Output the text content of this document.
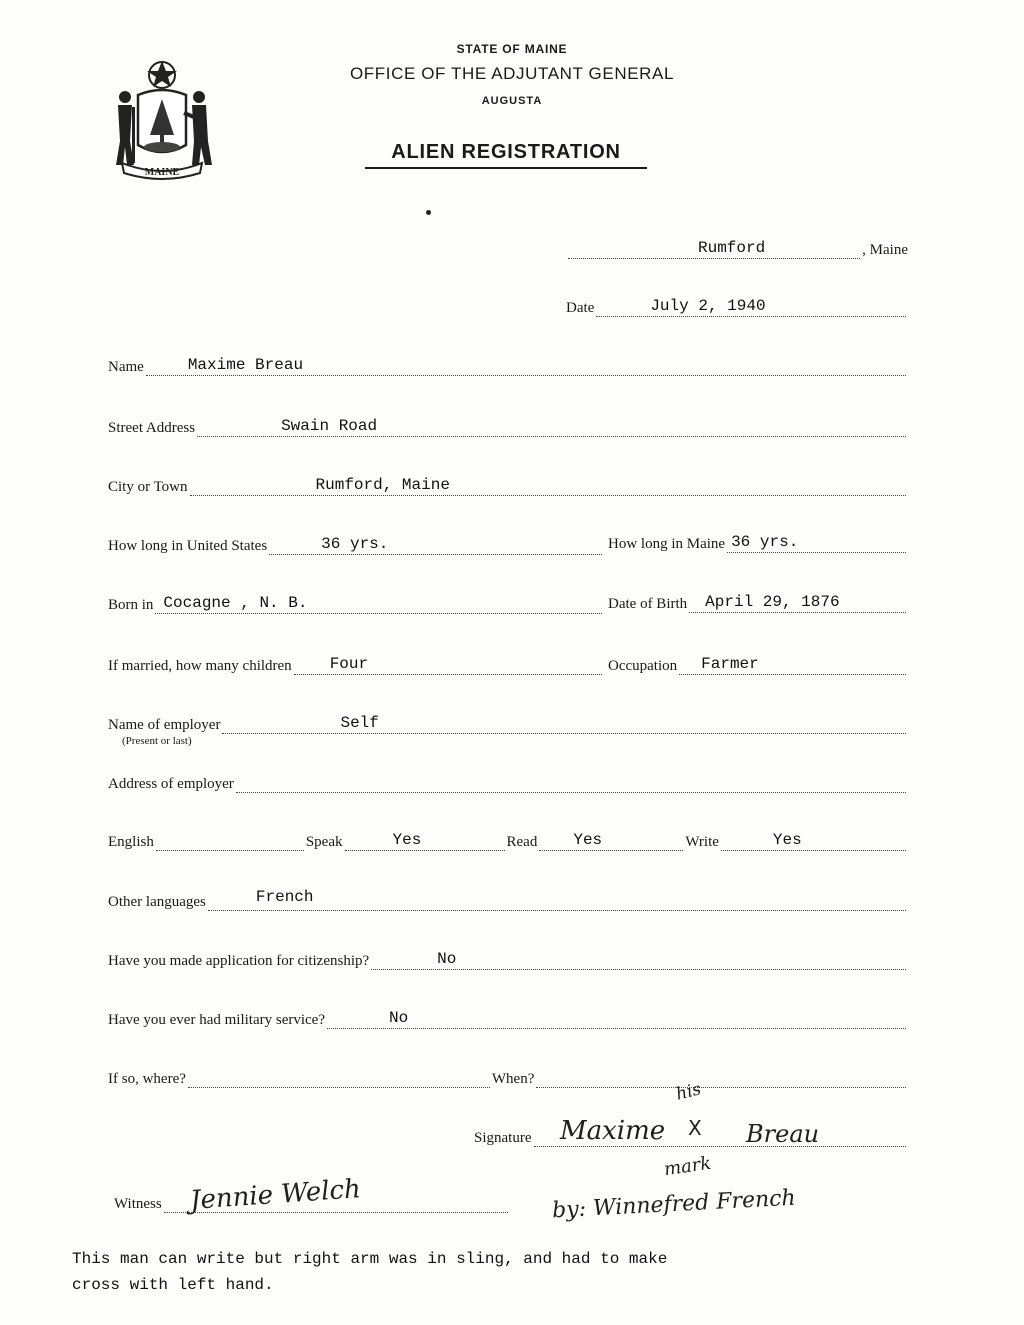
MAINE
STATE OF MAINE
OFFICE OF THE ADJUTANT GENERAL
AUGUSTA
ALIEN REGISTRATION
Rumford	, Maine
Date	July 2, 1940
Name	Maxime Breau
Street Address	Swain Road
City or Town	Rumford, Maine
How long in United States	36 yrs.	How long in Maine 36 yrs.
Born in Cocagne , N. B.	Date of Birth April 29, 1876
If married, how many children Four	Occupation Farmer
Name of employer	Self
(Present or last)
Address of employer
English	Speak	Yes	Read Yes	Write	Yes
Other languages	French
Have you made application for citizenship?	No
Have you ever had military service?	No
If so, where?	When?
Signature
his
Maxime X Breau
mark
by: Winnefred French
Witness Jennie Welch
This man can write but right arm was in sling, and had to make
cross with left hand.
